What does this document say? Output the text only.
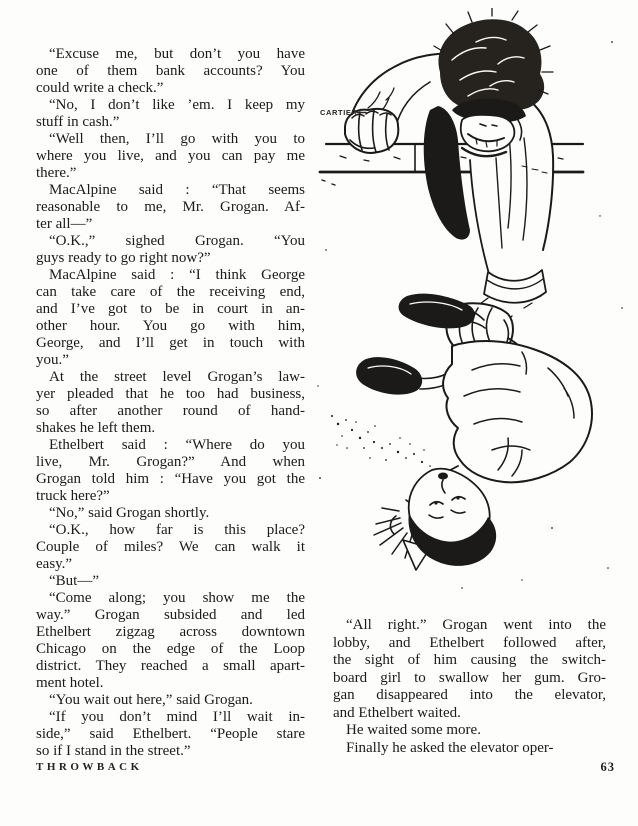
“Excuse me, but don’t you have
one of them bank accounts? You
could write a check.”

“No, I don’t like ’em. I keep my
stuff in cash.”

“Well then, I’ll go with you to
where you live, and you can pay me
there.”

MacAlpine said : “That seems
reasonable to me, Mr. Grogan. Af-
ter all—”

“O.K.,” sighed Grogan. “You
guys ready to go right now?”

MacAlpine said : “I think George
can take care of the receiving end,
and I’ve got to be in court in an-
other hour. You go with him,
George, and I’ll get in touch with
you.”

At the street level Grogan’s law-
yer pleaded that he too had business,
so after another round of hand-
shakes he left them.

Ethelbert said : “Where do you
live, Mr. Grogan?” And when
Grogan told him : “Have you got the
truck here?”

“No,” said Grogan shortly.

“O.K., how far is this place?
Couple of miles? We can walk it
easy.”

“But—”

“Come along; you show me the
way.” Grogan subsided and led
Ethelbert zigzag across downtown
Chicago on the edge of the Loop
district. They reached a small apart-
ment hotel.

“You wait out here,” said Grogan.

“If you don’t mind I’ll wait in-
side,” said Ethelbert. “People stare
so if I stand in the street.”

CARTIER

“All right.” Grogan went into the
lobby, and Ethelbert followed after,
the sight of him causing the switch-
board girl to swallow her gum. Gro-
gan disappeared into the elevator,
and Ethelbert waited.

He waited some more.

Finally he asked the elevator oper-

THROWBACK	63
